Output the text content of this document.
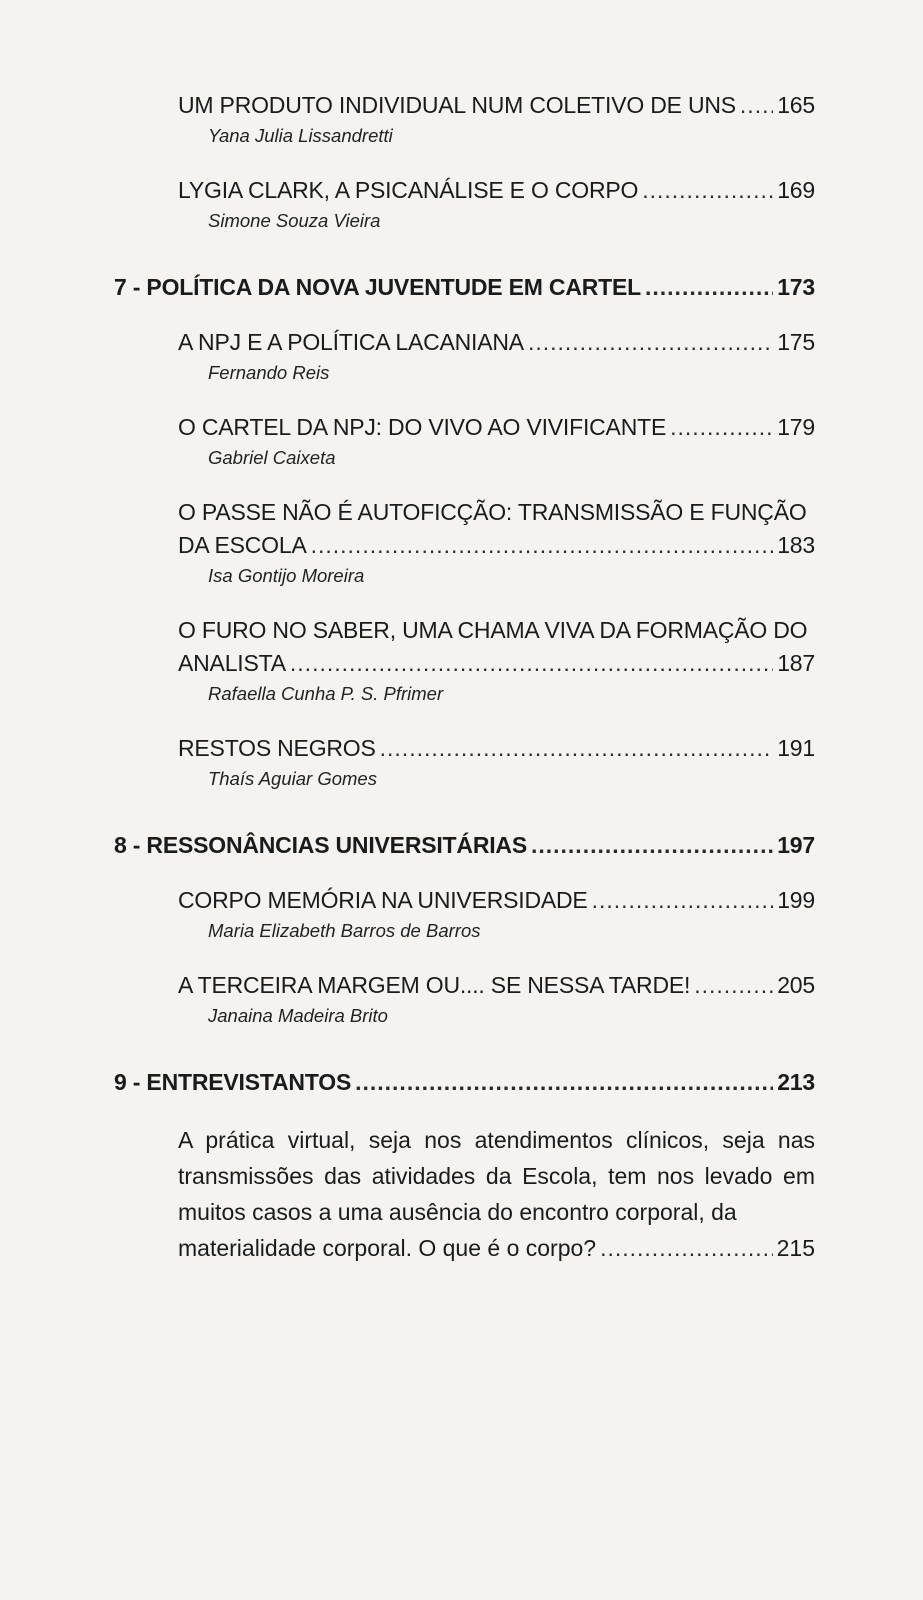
UM PRODUTO INDIVIDUAL NUM COLETIVO DE UNS ..... 165
Yana Julia Lissandretti
LYGIA CLARK, A PSICANÁLISE E O CORPO .....	169
Simone Souza Vieira
7 - POLÍTICA DA NOVA JUVENTUDE EM CARTEL .....	173
A NPJ E A POLÍTICA LACANIANA .....	175
Fernando Reis
O CARTEL DA NPJ: DO VIVO AO VIVIFICANTE .....	179
Gabriel Caixeta
O PASSE NÃO É AUTOFICÇÃO: TRANSMISSÃO E FUNÇÃO
DA ESCOLA .....	183
Isa Gontijo Moreira
O FURO NO SABER, UMA CHAMA VIVA DA FORMAÇÃO DO
ANALISTA .....	187
Rafaella Cunha P. S. Pfrimer
RESTOS NEGROS .....	191
Thaís Aguiar Gomes
8 - RESSONÂNCIAS UNIVERSITÁRIAS .....	197
CORPO MEMÓRIA NA UNIVERSIDADE .....	199
Maria Elizabeth Barros de Barros
A TERCEIRA MARGEM OU.... SE NESSA TARDE! .....	205
Janaina Madeira Brito
9 - ENTREVISTANTOS .....	213
A prática virtual, seja nos atendimentos clínicos, seja nas transmissões das atividades da Escola, tem nos levado em muitos casos a uma ausência do encontro corporal, da
materialidade corporal. O que é o corpo? .....	215
